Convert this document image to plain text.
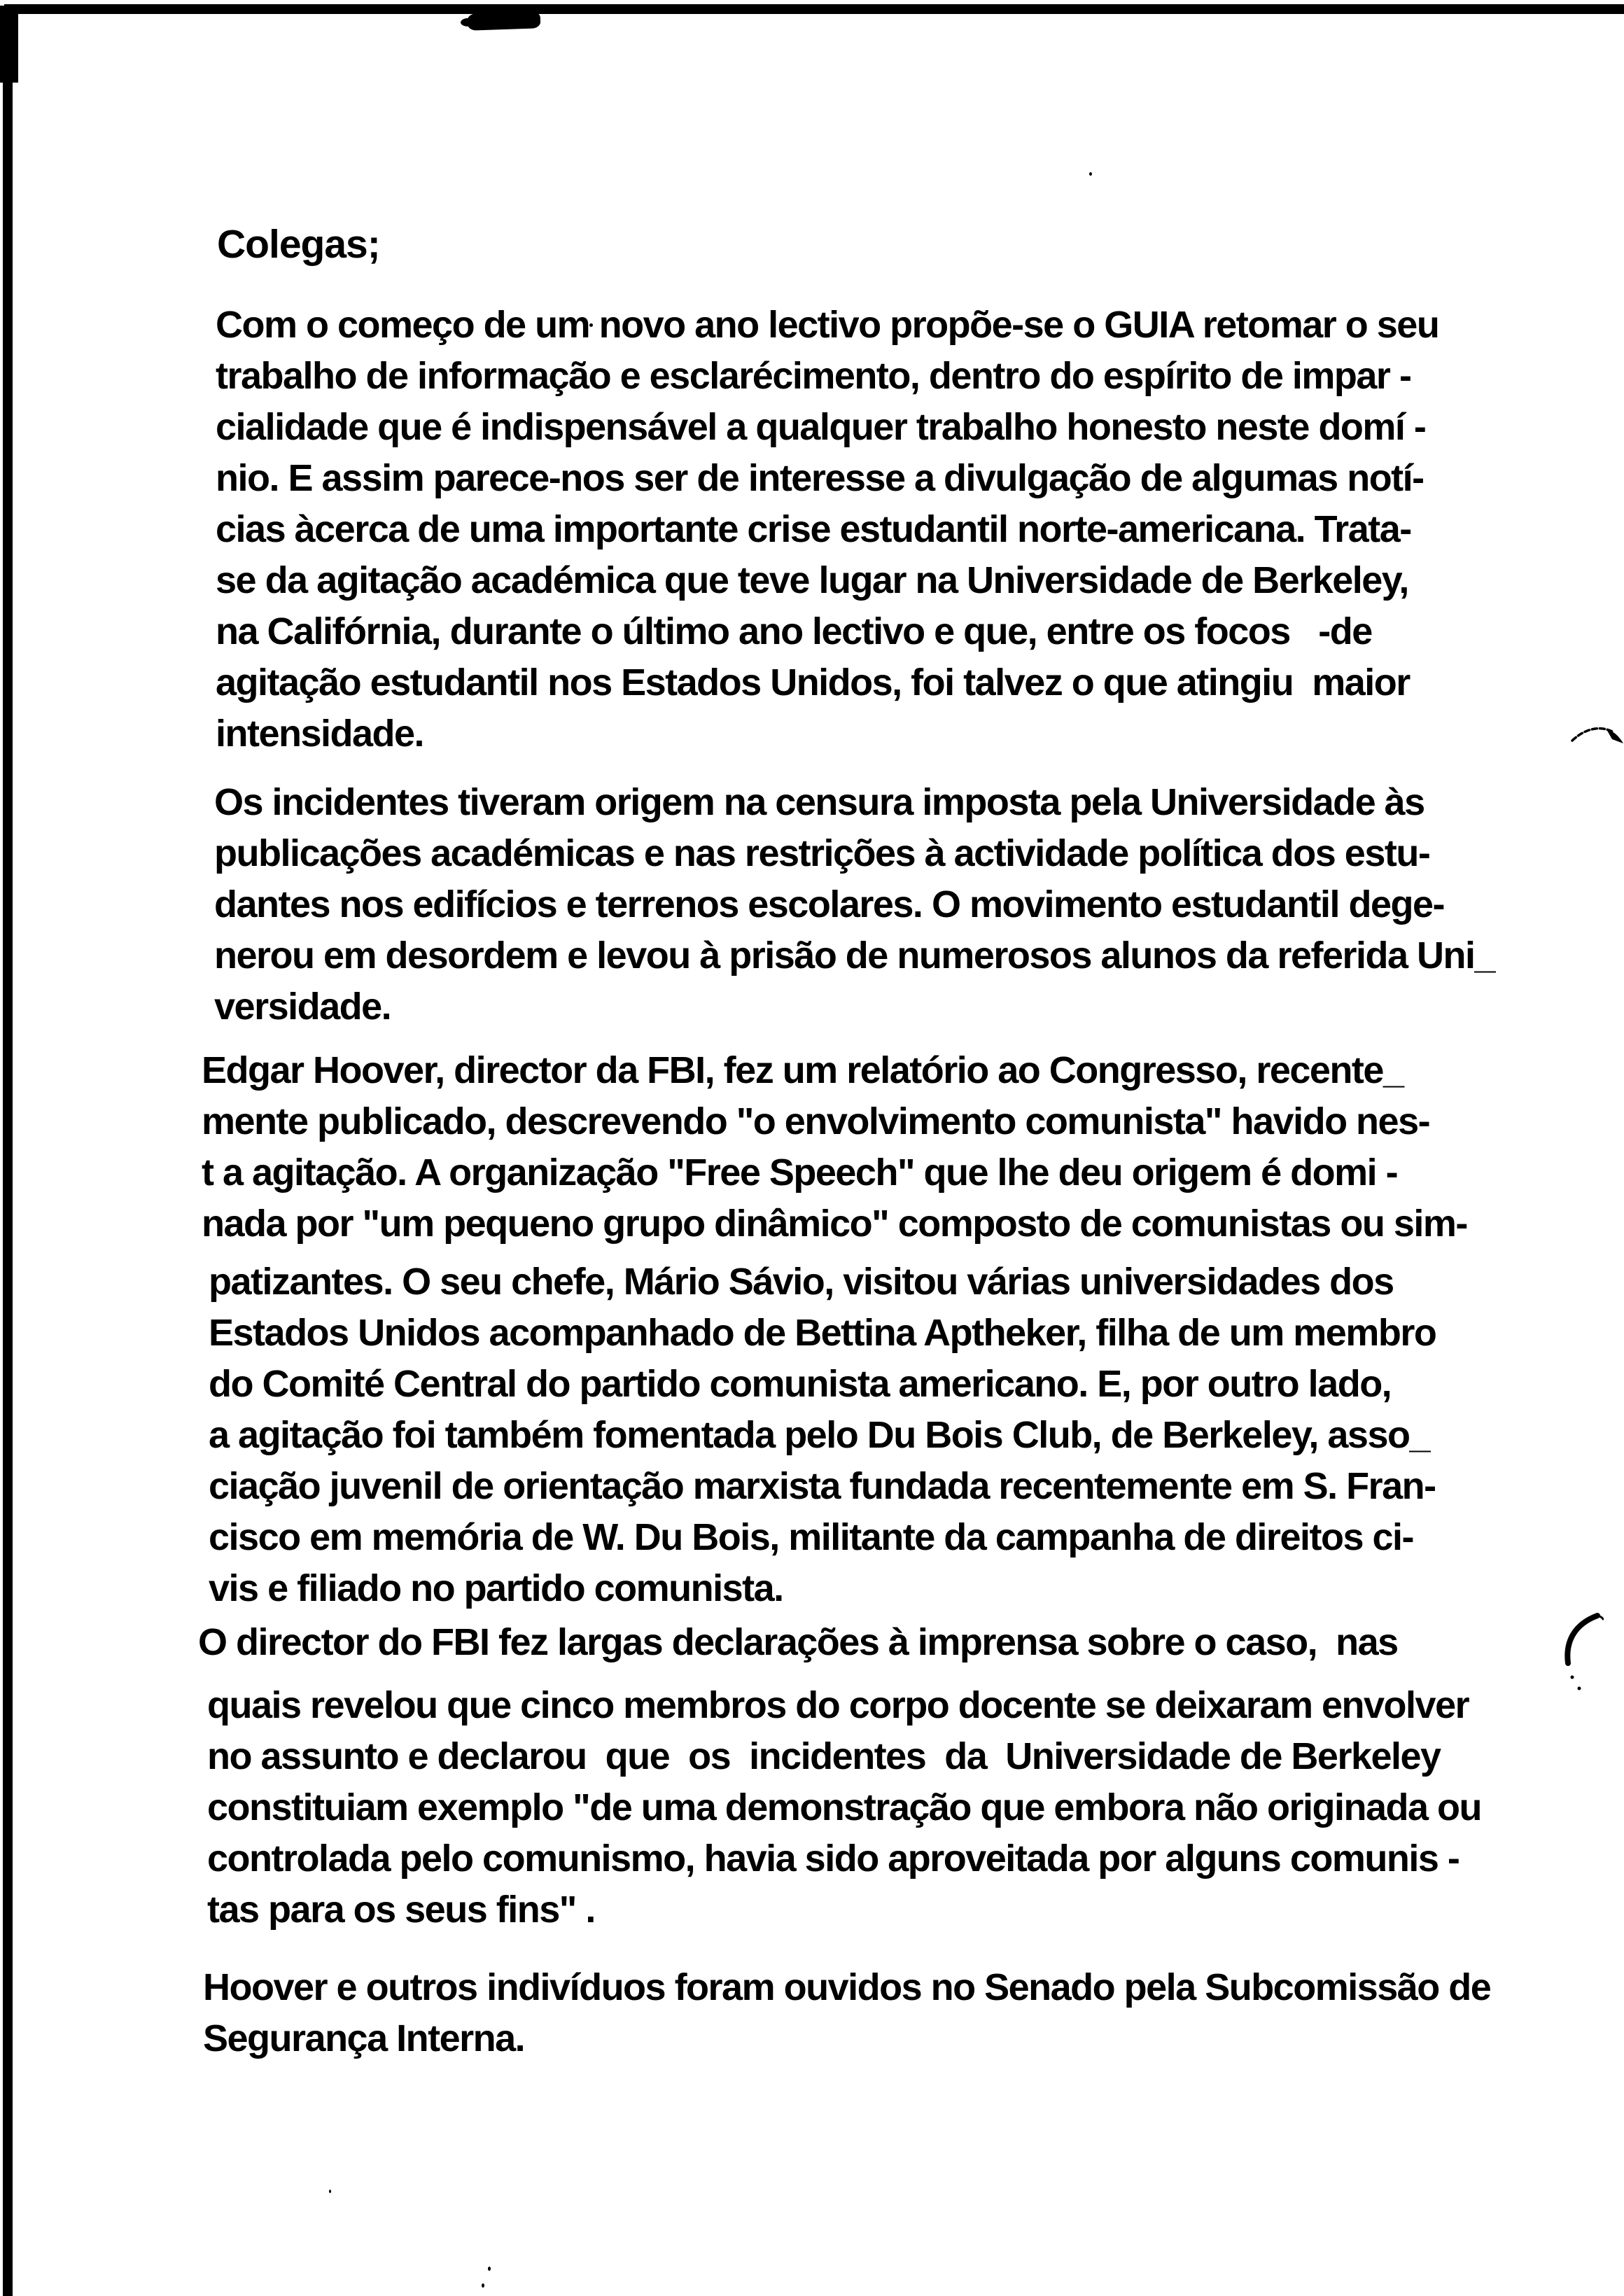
Colegas;
Com o começo de um novo ano lectivo propõe-se o GUIA retomar o seu
trabalho de informação e esclarécimento, dentro do espírito de impar -
cialidade que é indispensável a qualquer trabalho honesto neste domí -
nio. E assim parece-nos ser de interesse a divulgação de algumas notí-
cias àcerca de uma importante crise estudantil norte-americana. Trata-
se da agitação académica que teve lugar na Universidade de Berkeley,
na Califórnia, durante o último ano lectivo e que, entre os focos   -de
agitação estudantil nos Estados Unidos, foi talvez o que atingiu  maior
intensidade.
Os incidentes tiveram origem na censura imposta pela Universidade às
publicações académicas e nas restrições à actividade política dos estu-
dantes nos edifícios e terrenos escolares. O movimento estudantil dege-
nerou em desordem e levou à prisão de numerosos alunos da referida Uni_
versidade.
Edgar Hoover, director da FBI, fez um relatório ao Congresso, recente_
mente publicado, descrevendo "o envolvimento comunista" havido nes-
t a agitação. A organização "Free Speech" que lhe deu origem é domi -
nada por "um pequeno grupo dinâmico" composto de comunistas ou sim-
patizantes. O seu chefe, Mário Sávio, visitou várias universidades dos
Estados Unidos acompanhado de Bettina Aptheker, filha de um membro
do Comité Central do partido comunista americano. E, por outro lado,
a agitação foi também fomentada pelo Du Bois Club, de Berkeley, asso_
ciação juvenil de orientação marxista fundada recentemente em S. Fran-
cisco em memória de W. Du Bois, militante da campanha de direitos ci-
vis e filiado no partido comunista.
O director do FBI fez largas declarações à imprensa sobre o caso,  nas
quais revelou que cinco membros do corpo docente se deixaram envolver
no assunto e declarou  que  os  incidentes  da  Universidade de Berkeley
constituiam exemplo "de uma demonstração que embora não originada ou
controlada pelo comunismo, havia sido aproveitada por alguns comunis -
tas para os seus fins" .
Hoover e outros indivíduos foram ouvidos no Senado pela Subcomissão de
Segurança Interna.
